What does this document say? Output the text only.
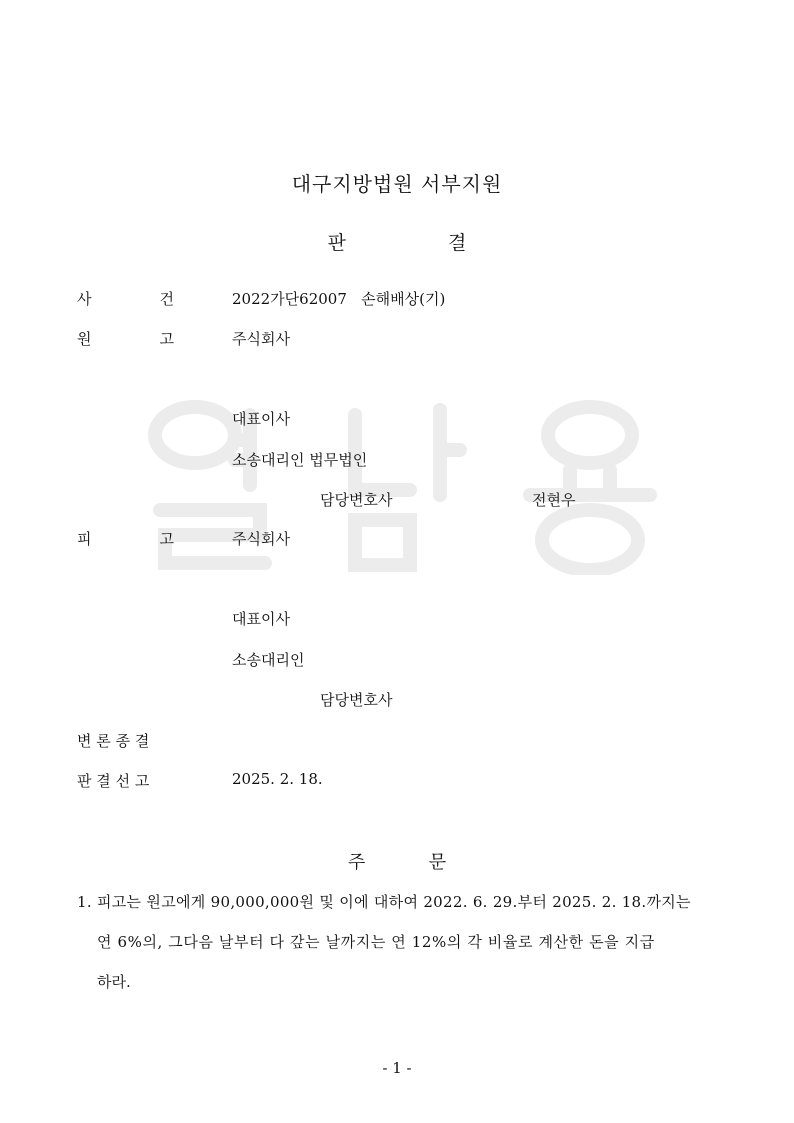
대구지방법원 서부지원
판	결
사	건	2022가단62007   손해배상(기)
원	고	주식회사
대표이사
소송대리인 법무법인
담당변호사	전현우
피	고	주식회사
대표이사
소송대리인
담당변호사
변 론 종 결
판 결 선 고	2025. 2. 18.
주	문
1. 피고는 원고에게 90,000,000원 및 이에 대하여 2022. 6. 29.부터 2025. 2. 18.까지는
연 6%의, 그다음 날부터 다 갚는 날까지는 연 12%의 각 비율로 계산한 돈을 지급
하라.
- 1 -
